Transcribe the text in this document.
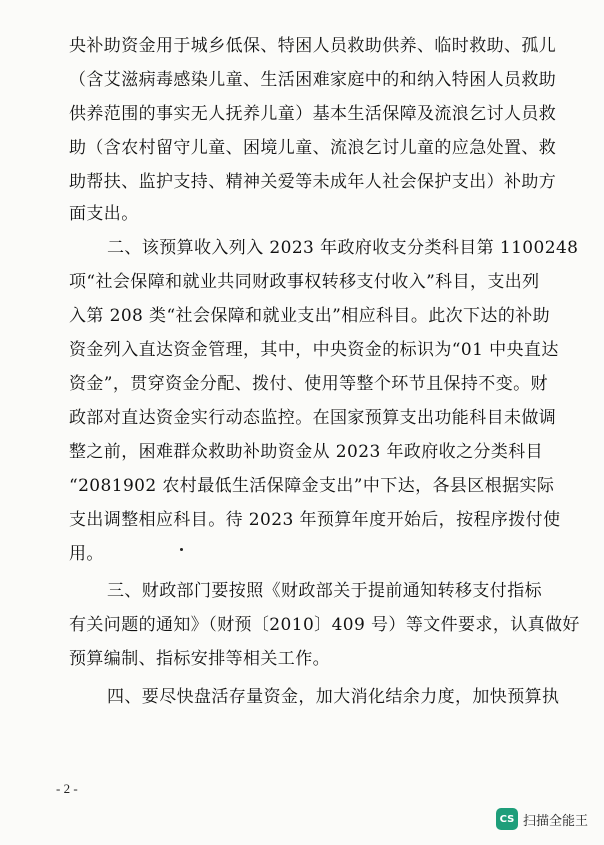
央补助资金用于城乡低保、特困人员救助供养、临时救助、孤儿
（含艾滋病毒感染儿童、生活困难家庭中的和纳入特困人员救助
供养范围的事实无人抚养儿童）基本生活保障及流浪乞讨人员救
助（含农村留守儿童、困境儿童、流浪乞讨儿童的应急处置、救
助帮扶、监护支持、精神关爱等未成年人社会保护支出）补助方
面支出。
二、该预算收入列入 2023 年政府收支分类科目第 1100248
项“社会保障和就业共同财政事权转移支付收入”科目，支出列
入第 208 类“社会保障和就业支出”相应科目。此次下达的补助
资金列入直达资金管理，其中，中央资金的标识为“01 中央直达
资金”，贯穿资金分配、拨付、使用等整个环节且保持不变。财
政部对直达资金实行动态监控。在国家预算支出功能科目未做调
整之前，困难群众救助补助资金从 2023 年政府收之分类科目
“2081902 农村最低生活保障金支出”中下达，各县区根据实际
支出调整相应科目。待 2023 年预算年度开始后，按程序拨付使
用。
三、财政部门要按照《财政部关于提前通知转移支付指标
有关问题的通知》（财预〔2010〕409 号）等文件要求，认真做好
预算编制、指标安排等相关工作。
四、要尽快盘活存量资金，加大消化结余力度，加快预算执
- 2 -
CS 扫描全能王
